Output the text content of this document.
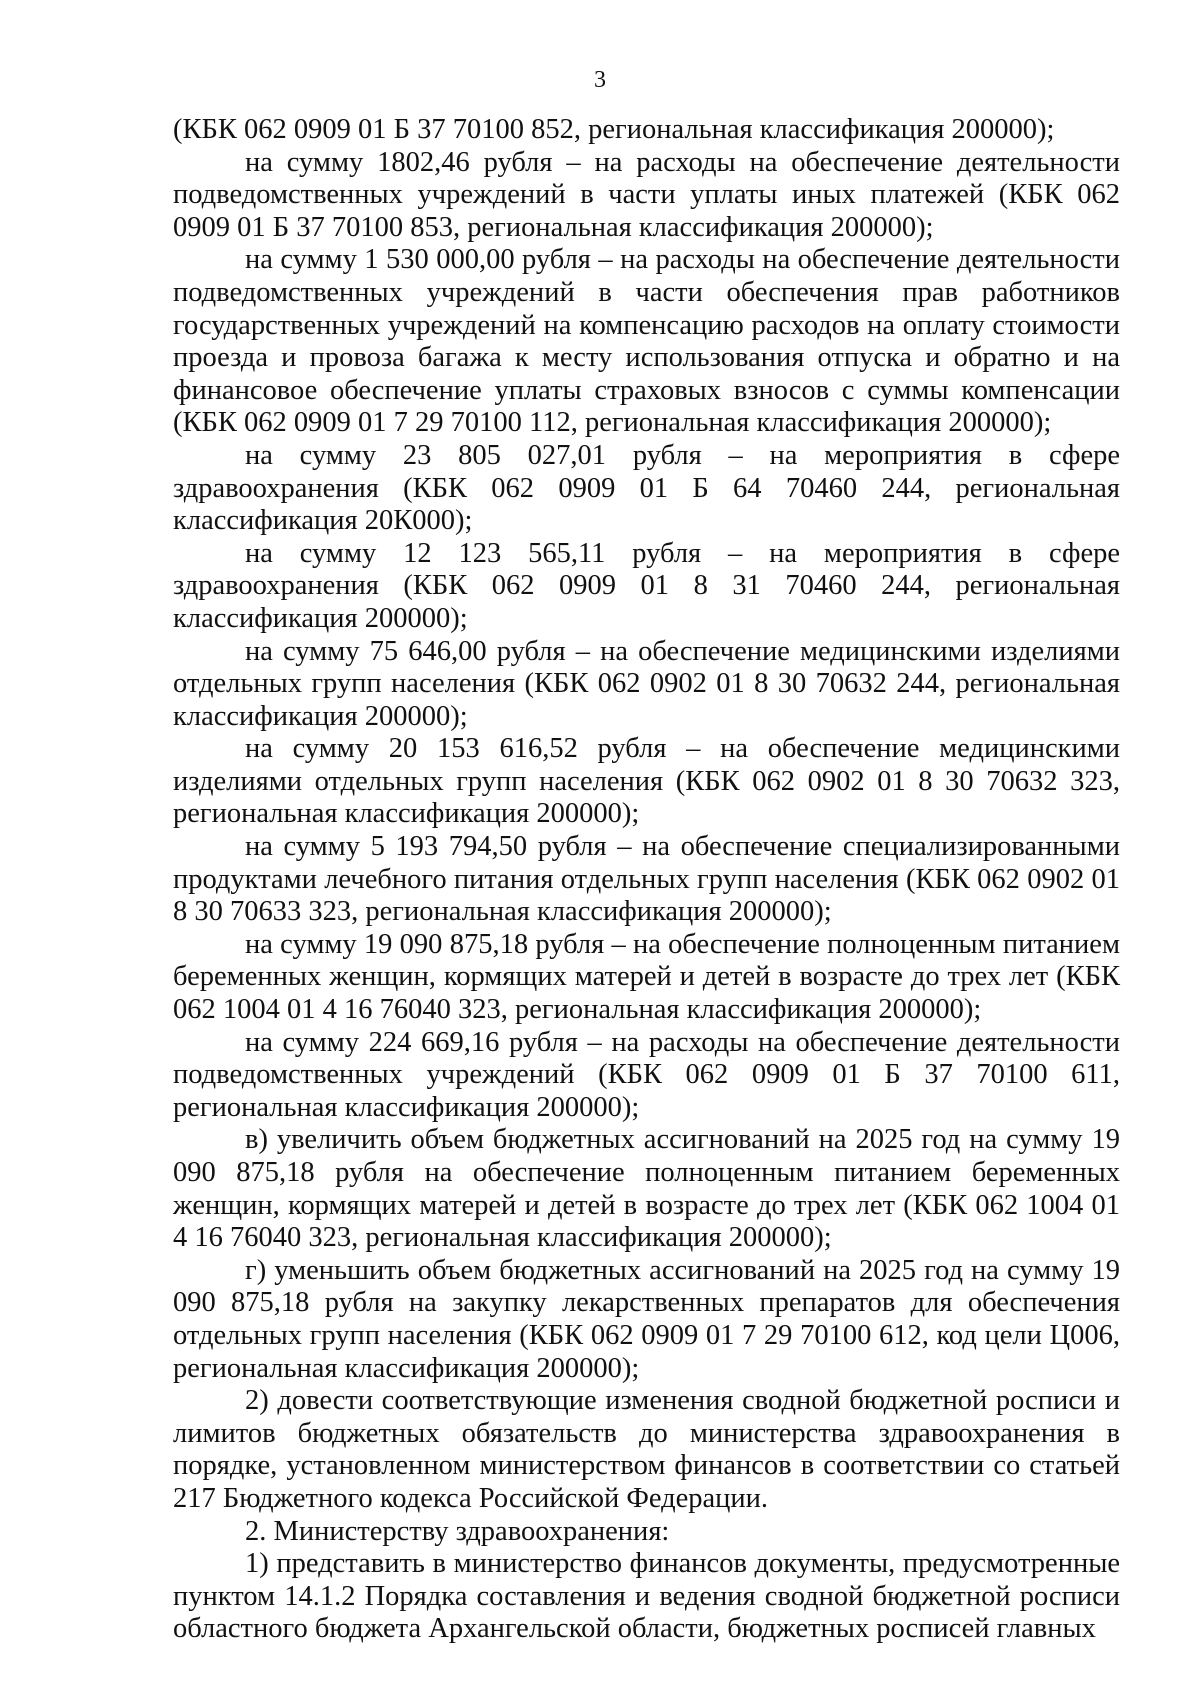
3

(КБК 062 0909 01 Б 37 70100 852, региональная классификация 200000);

на сумму 1802,46 рубля – на расходы на обеспечение деятельности подведомственных учреждений в части уплаты иных платежей (КБК 062 0909 01 Б 37 70100 853, региональная классификация 200000);

на сумму 1 530 000,00 рубля – на расходы на обеспечение деятельности подведомственных учреждений в части обеспечения прав работников государственных учреждений на компенсацию расходов на оплату стоимости проезда и провоза багажа к месту использования отпуска и обратно и на финансовое обеспечение уплаты страховых взносов с суммы компенсации (КБК 062 0909 01 7 29 70100 112, региональная классификация 200000);

на сумму 23 805 027,01 рубля – на мероприятия в сфере здравоохранения (КБК 062 0909 01 Б 64 70460 244, региональная классификация 20К000);

на сумму 12 123 565,11 рубля – на мероприятия в сфере здравоохранения (КБК 062 0909 01 8 31 70460 244, региональная классификация 200000);

на сумму 75 646,00 рубля – на обеспечение медицинскими изделиями отдельных групп населения (КБК 062 0902 01 8 30 70632 244, региональная классификация 200000);

на сумму 20 153 616,52 рубля – на обеспечение медицинскими изделиями отдельных групп населения (КБК 062 0902 01 8 30 70632 323, региональная классификация 200000);

на сумму 5 193 794,50 рубля – на обеспечение специализированными продуктами лечебного питания отдельных групп населения (КБК 062 0902 01 8 30 70633 323, региональная классификация 200000);

на сумму 19 090 875,18 рубля – на обеспечение полноценным питанием беременных женщин, кормящих матерей и детей в возрасте до трех лет (КБК 062 1004 01 4 16 76040 323, региональная классификация 200000);

на сумму 224 669,16 рубля – на расходы на обеспечение деятельности подведомственных учреждений (КБК 062 0909 01 Б 37 70100 611, региональная классификация 200000);

в) увеличить объем бюджетных ассигнований на 2025 год на сумму 19 090 875,18 рубля на обеспечение полноценным питанием беременных женщин, кормящих матерей и детей в возрасте до трех лет (КБК 062 1004 01 4 16 76040 323, региональная классификация 200000);

г) уменьшить объем бюджетных ассигнований на 2025 год на сумму 19 090 875,18 рубля на закупку лекарственных препаратов для обеспечения отдельных групп населения (КБК 062 0909 01 7 29 70100 612, код цели Ц006, региональная классификация 200000);

2) довести соответствующие изменения сводной бюджетной росписи и лимитов бюджетных обязательств до министерства здравоохранения в порядке, установленном министерством финансов в соответствии со статьей 217 Бюджетного кодекса Российской Федерации.

2. Министерству здравоохранения:

1) представить в министерство финансов документы, предусмотренные пунктом 14.1.2 Порядка составления и ведения сводной бюджетной росписи областного бюджета Архангельской области, бюджетных росписей главных
